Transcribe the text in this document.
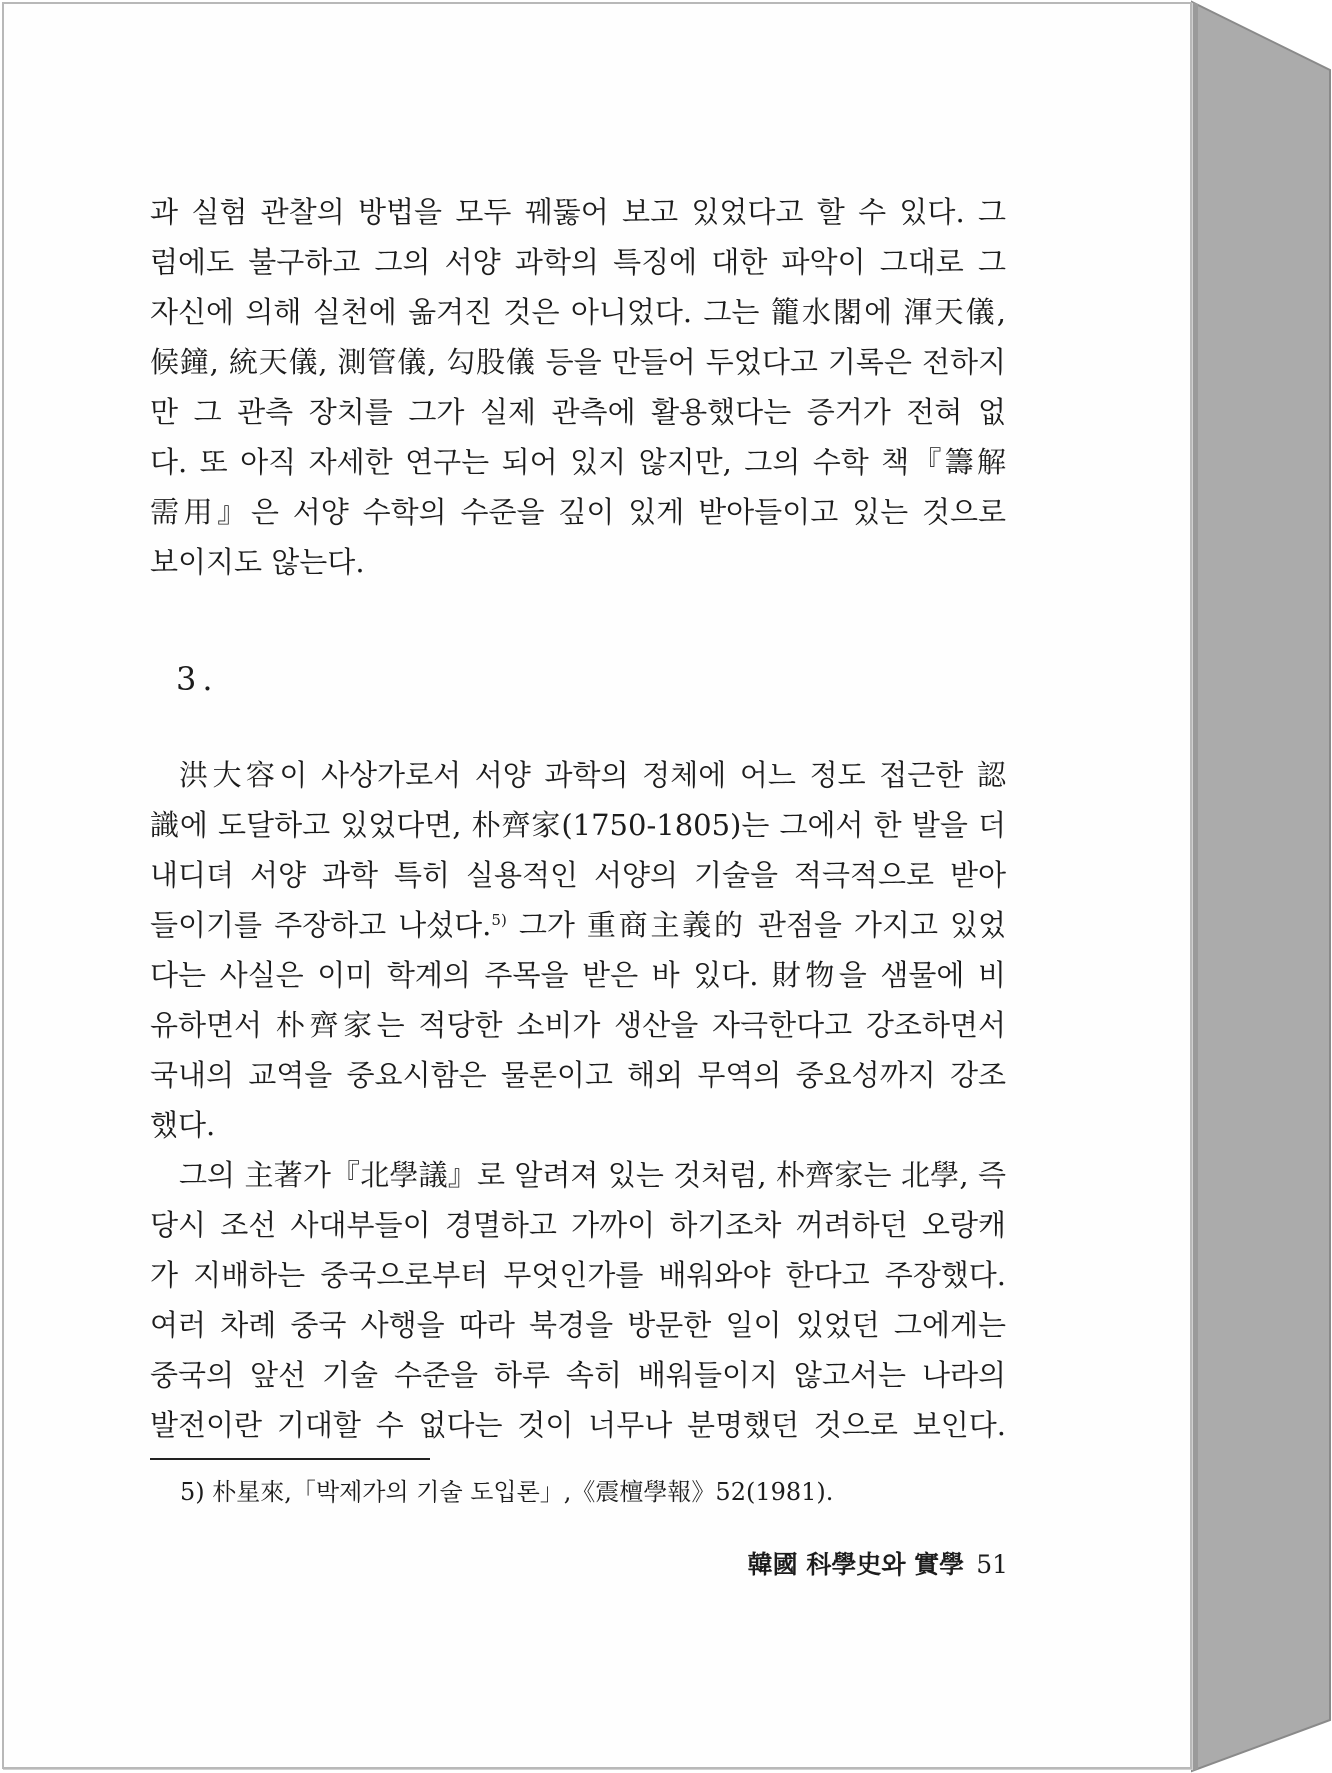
과 실험 관찰의 방법을 모두 꿰뚫어 보고 있었다고 할 수 있다. 그
럼에도 불구하고 그의 서양 과학의 특징에 대한 파악이 그대로 그
자신에 의해 실천에 옮겨진 것은 아니었다. 그는 籠水閣에 渾天儀,
候鐘, 統天儀, 測管儀, 勾股儀 등을 만들어 두었다고 기록은 전하지
만 그 관측 장치를 그가 실제 관측에 활용했다는 증거가 전혀 없
다. 또 아직 자세한 연구는 되어 있지 않지만, 그의 수학 책『籌解
需用』은 서양 수학의 수준을 깊이 있게 받아들이고 있는 것으로
보이지도 않는다.
3.
洪大容이 사상가로서 서양 과학의 정체에 어느 정도 접근한 認
識에 도달하고 있었다면, 朴齊家(1750-1805)는 그에서 한 발을 더
내디뎌 서양 과학 특히 실용적인 서양의 기술을 적극적으로 받아
들이기를 주장하고 나섰다.$^{5)}$ 그가 重商主義的 관점을 가지고 있었
다는 사실은 이미 학계의 주목을 받은 바 있다. 財物을 샘물에 비
유하면서 朴齊家는 적당한 소비가 생산을 자극한다고 강조하면서
국내의 교역을 중요시함은 물론이고 해외 무역의 중요성까지 강조
했다.
그의 主著가『北學議』로 알려져 있는 것처럼, 朴齊家는 北學, 즉
당시 조선 사대부들이 경멸하고 가까이 하기조차 꺼려하던 오랑캐
가 지배하는 중국으로부터 무엇인가를 배워와야 한다고 주장했다.
여러 차례 중국 사행을 따라 북경을 방문한 일이 있었던 그에게는
중국의 앞선 기술 수준을 하루 속히 배워들이지 않고서는 나라의
발전이란 기대할 수 없다는 것이 너무나 분명했던 것으로 보인다.
5) 朴星來,「박제가의 기술 도입론」,《震檀學報》52(1981).
韓國 科學史와 實學 51
